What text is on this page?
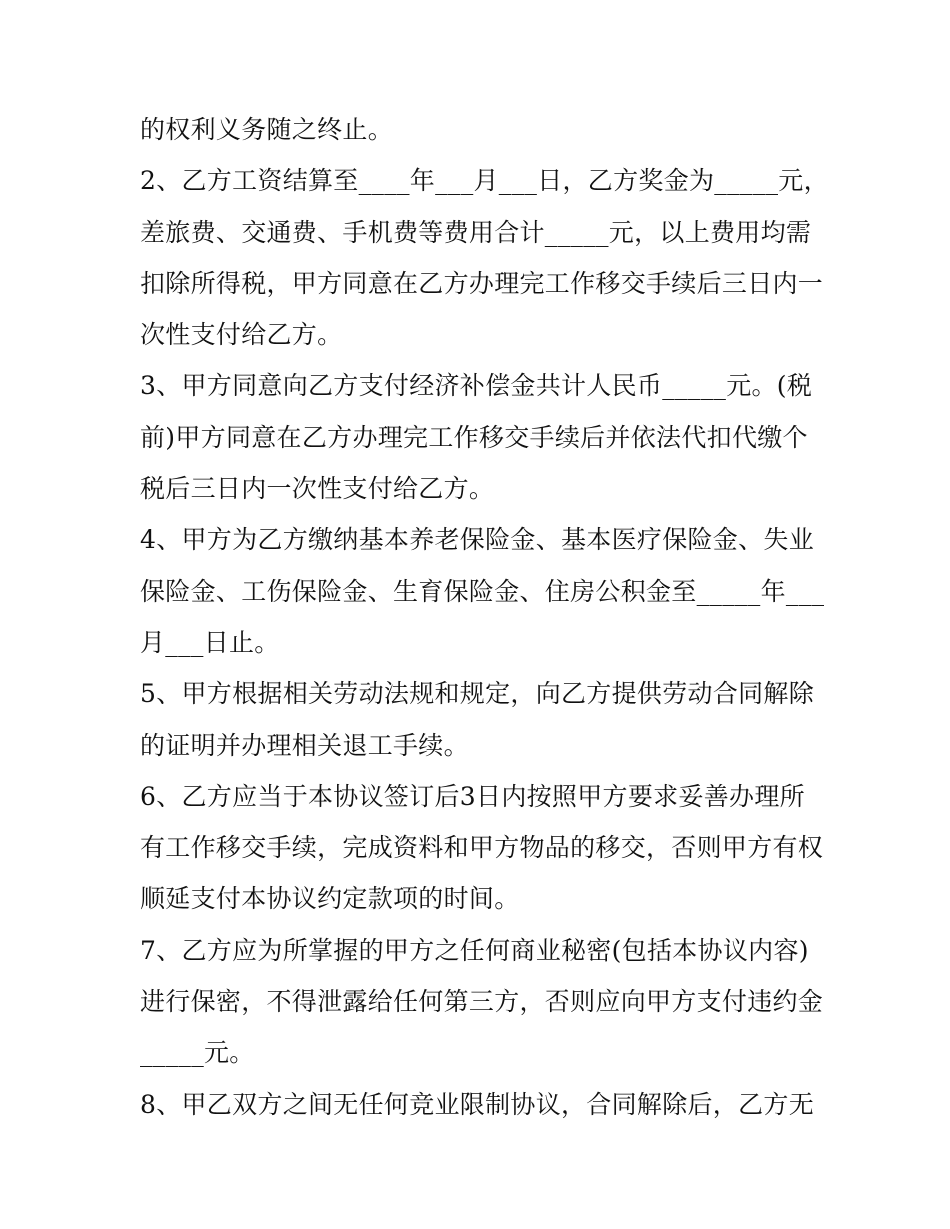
的权利义务随之终止。
2、乙方工资结算至____年___月___日，乙方奖金为_____元，
差旅费、交通费、手机费等费用合计_____元，以上费用均需
扣除所得税，甲方同意在乙方办理完工作移交手续后三日内一
次性支付给乙方。
3、甲方同意向乙方支付经济补偿金共计人民币_____元。(税
前)甲方同意在乙方办理完工作移交手续后并依法代扣代缴个
税后三日内一次性支付给乙方。
4、甲方为乙方缴纳基本养老保险金、基本医疗保险金、失业
保险金、工伤保险金、生育保险金、住房公积金至_____年___
月___日止。
5、甲方根据相关劳动法规和规定，向乙方提供劳动合同解除
的证明并办理相关退工手续。
6、乙方应当于本协议签订后3日内按照甲方要求妥善办理所
有工作移交手续，完成资料和甲方物品的移交，否则甲方有权
顺延支付本协议约定款项的时间。
7、乙方应为所掌握的甲方之任何商业秘密(包括本协议内容)
进行保密，不得泄露给任何第三方，否则应向甲方支付违约金
_____元。
8、甲乙双方之间无任何竞业限制协议，合同解除后，乙方无
